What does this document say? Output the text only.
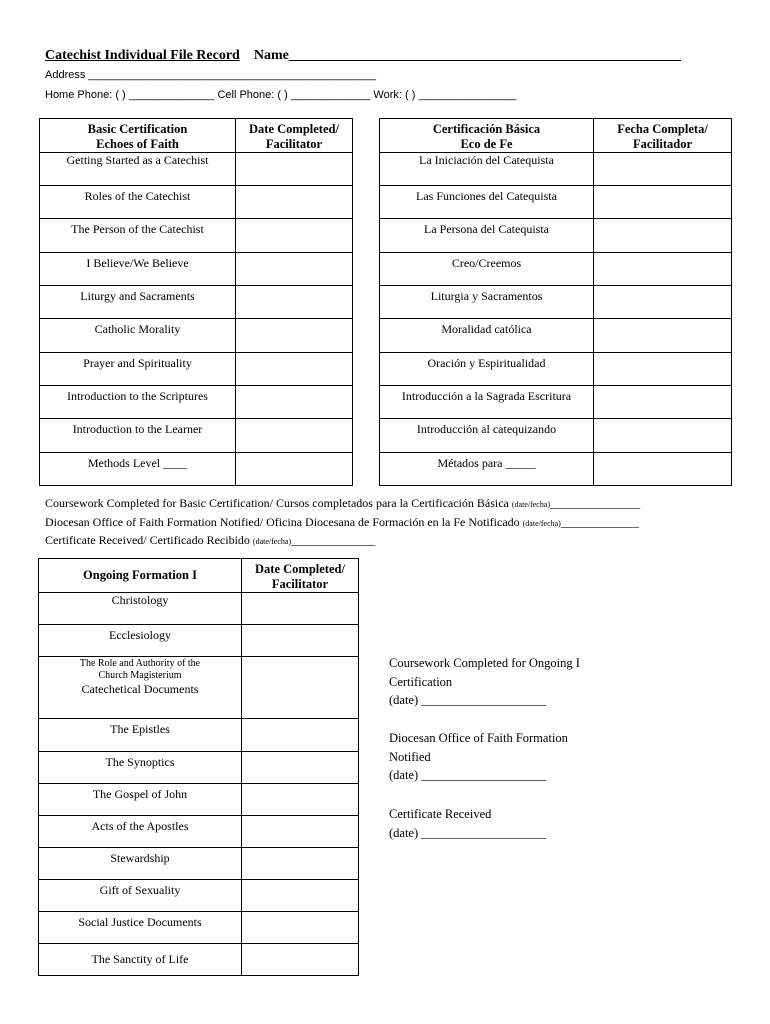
Catechist Individual File Record Name________________________________________________________
Address _______________________________________________
Home Phone: ( ) ______________ Cell Phone: ( ) _____________ Work: ( ) ________________
Basic Certification
Echoes of Faith	Date Completed/
Facilitator
Getting Started as a Catechist	
Roles of the Catechist	
The Person of the Catechist	
I Believe/We Believe	
Liturgy and Sacraments	
Catholic Morality	
Prayer and Spirituality	
Introduction to the Scriptures	
Introduction to the Learner	
Methods Level ____	
Certificación Básica
Eco de Fe	Fecha Completa/
Facilitador
La Iniciación del Catequista	
Las Funciones del Catequista	
La Persona del Catequista	
Creo/Creemos	
Liturgia y Sacramentos	
Moralidad católica	
Oración y Espiritualidad	
Introducción a la Sagrada Escritura	
Introducción al catequizando	
Métados para _____	
Coursework Completed for Basic Certification/ Cursos completados para la Certificación Básica (date/fecha)_______________
Diocesan Office of Faith Formation Notified/ Oficina Diocesana de Formación en la Fe Notificado (date/fecha)_____________
Certificate Received/ Certificado Recibido (date/fecha)______________
Ongoing Formation I	Date Completed/
Facilitator
Christology	
Ecclesiology	

The Role and Authority of the
Church Magisterium
Catechetical Documents	

The Epistles	
The Synoptics	
The Gospel of John	
Acts of the Apostles	
Stewardship	
Gift of Sexuality	
Social Justice Documents	
The Sanctity of Life	
Coursework Completed for Ongoing I
Certification
(date) ____________________
Diocesan Office of Faith Formation
Notified
(date) ____________________
Certificate Received
(date) ____________________
